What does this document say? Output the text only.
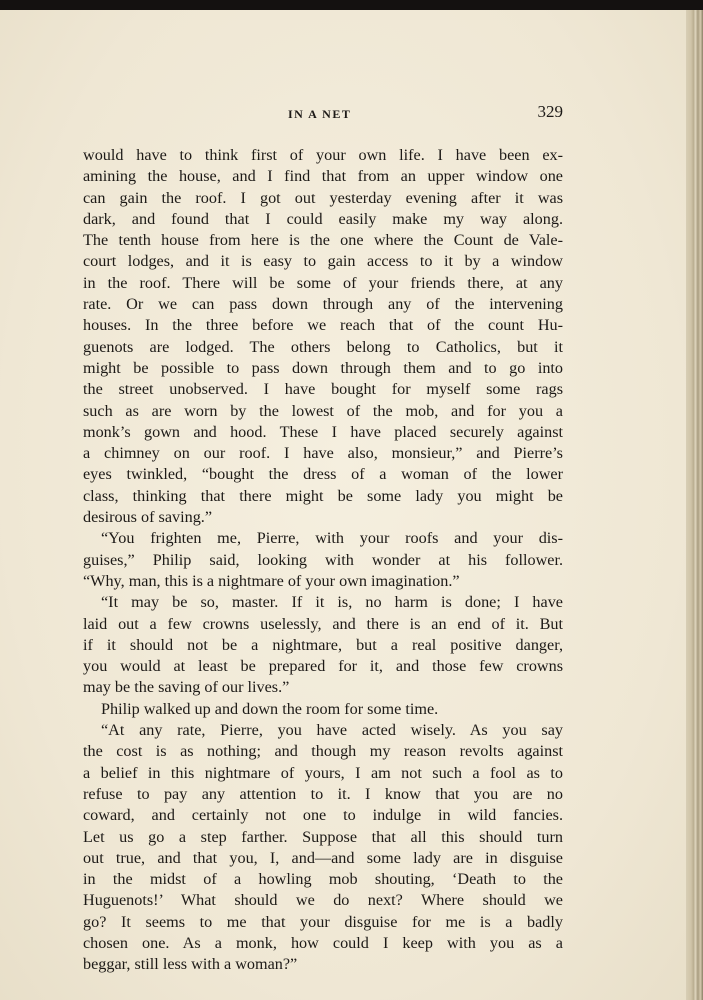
IN A NET	329
would have to think first of your own life. I have been ex-
amining the house, and I find that from an upper window one
can gain the roof. I got out yesterday evening after it was
dark, and found that I could easily make my way along.
The tenth house from here is the one where the Count de Vale-
court lodges, and it is easy to gain access to it by a window
in the roof. There will be some of your friends there, at any
rate. Or we can pass down through any of the intervening
houses. In the three before we reach that of the count Hu-
guenots are lodged. The others belong to Catholics, but it
might be possible to pass down through them and to go into
the street unobserved. I have bought for myself some rags
such as are worn by the lowest of the mob, and for you a
monk’s gown and hood. These I have placed securely against
a chimney on our roof. I have also, monsieur,” and Pierre’s
eyes twinkled, “bought the dress of a woman of the lower
class, thinking that there might be some lady you might be
desirous of saving.”
“You frighten me, Pierre, with your roofs and your dis-
guises,” Philip said, looking with wonder at his follower.
“Why, man, this is a nightmare of your own imagination.”
“It may be so, master. If it is, no harm is done; I have
laid out a few crowns uselessly, and there is an end of it. But
if it should not be a nightmare, but a real positive danger,
you would at least be prepared for it, and those few crowns
may be the saving of our lives.”
Philip walked up and down the room for some time.
“At any rate, Pierre, you have acted wisely. As you say
the cost is as nothing; and though my reason revolts against
a belief in this nightmare of yours, I am not such a fool as to
refuse to pay any attention to it. I know that you are no
coward, and certainly not one to indulge in wild fancies.
Let us go a step farther. Suppose that all this should turn
out true, and that you, I, and—and some lady are in disguise
in the midst of a howling mob shouting, ‘Death to the
Huguenots!’ What should we do next? Where should we
go? It seems to me that your disguise for me is a badly
chosen one. As a monk, how could I keep with you as a
beggar, still less with a woman?”
